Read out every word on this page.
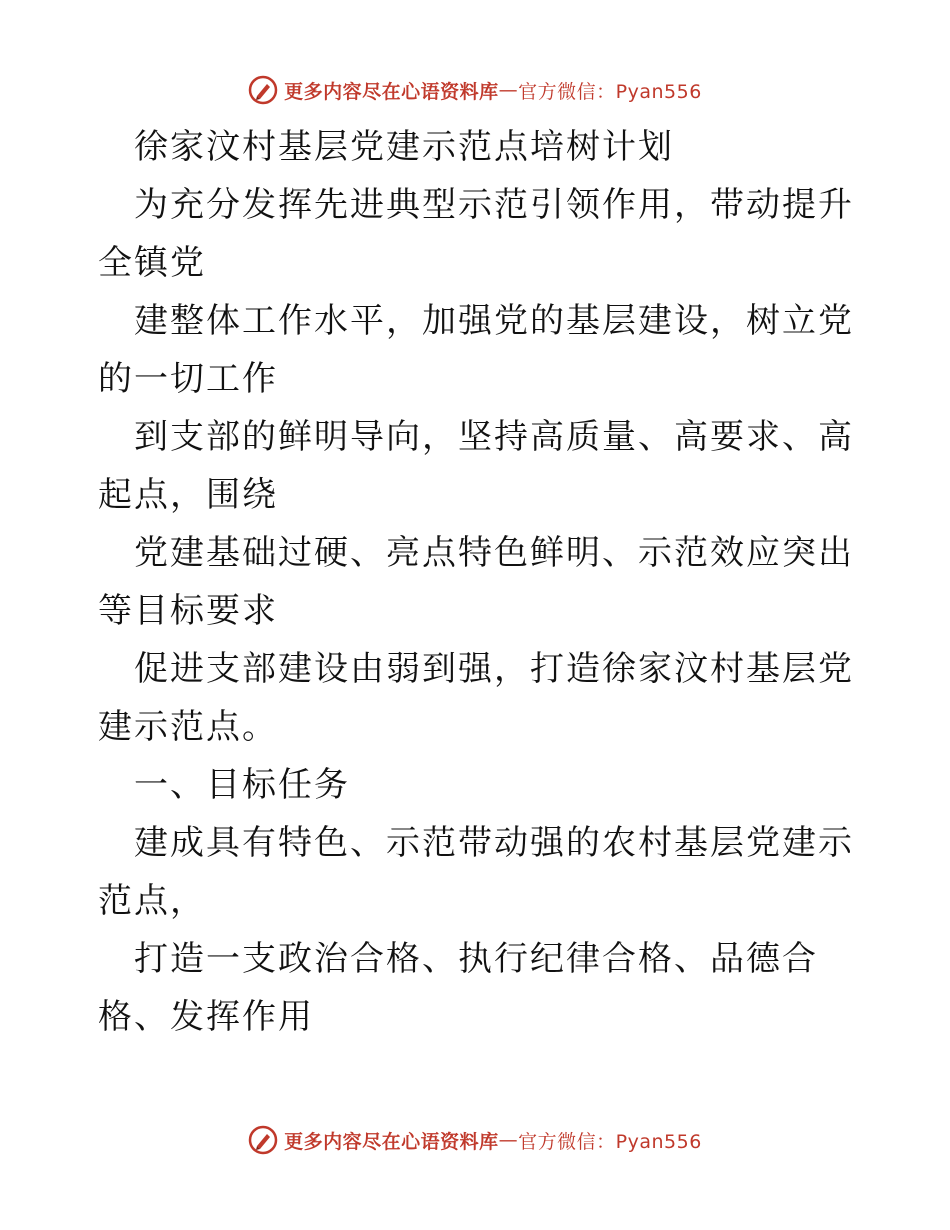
更多内容尽在心语资料库 — 官方微信：Pyan556

徐家汶村基层党建示范点培树计划

为充分发挥先进典型示范引领作用，带动提升全镇党

建整体工作水平，加强党的基层建设，树立党的一切工作

到支部的鲜明导向，坚持高质量、高要求、高起点，围绕

党建基础过硬、亮点特色鲜明、示范效应突出等目标要求

促进支部建设由弱到强，打造徐家汶村基层党建示范点。

一、目标任务

建成具有特色、示范带动强的农村基层党建示范点，

打造一支政治合格、执行纪律合格、品德合格、发挥作用

更多内容尽在心语资料库 — 官方微信：Pyan556
